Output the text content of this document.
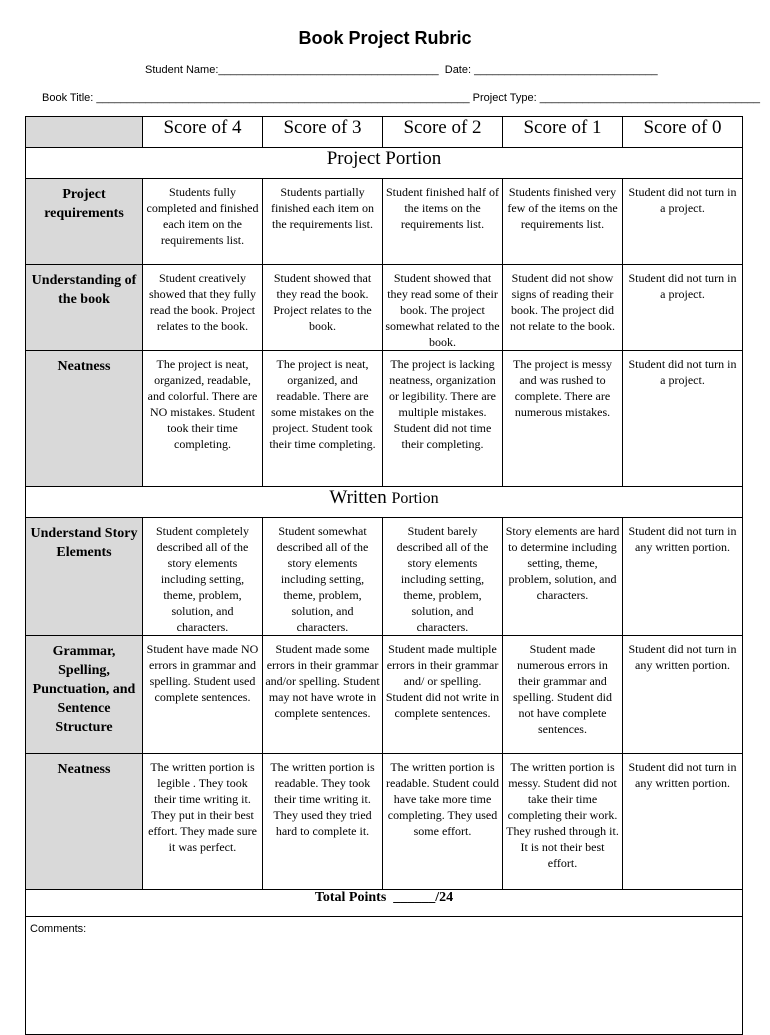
Book Project Rubric
Student Name:____________________________________ Date: ______________________________
Book Title: _____________________________________________________________ Project Type: ____________________________________
	Score of 4	Score of 3	Score of 2	Score of 1	Score of 0
Project Portion					
Project requirements	Students fully completed and finished each item on the requirements list.	Students partially finished each item on the requirements list.	Student finished half of the items on the requirements list.	Students finished very few of the items on the requirements list.	Student did not turn in a project.
Understanding of the book	Student creatively showed that they fully read the book. Project relates to the book.	Student showed that they read the book. Project relates to the book.	Student showed that they read some of their book. The project somewhat related to the book.	Student did not show signs of reading their book. The project did not relate to the book.	Student did not turn in a project.
Neatness	The project is neat, organized, readable, and colorful. There are NO mistakes. Student took their time completing.	The project is neat, organized, and readable. There are some mistakes on the project. Student took their time completing.	The project is lacking neatness, organization or legibility. There are multiple mistakes. Student did not time their completing.	The project is messy and was rushed to complete. There are numerous mistakes.	Student did not turn in a project.
Written Portion					
Understand Story Elements	Student completely described all of the story elements including setting, theme, problem, solution, and characters.	Student somewhat described all of the story elements including setting, theme, problem, solution, and characters.	Student barely described all of the story elements including setting, theme, problem, solution, and characters.	Story elements are hard to determine including setting, theme, problem, solution, and characters.	Student did not turn in any written portion.
Grammar, Spelling, Punctuation, and Sentence Structure	Student have made NO errors in grammar and spelling. Student used complete sentences.	Student made some errors in their grammar and/or spelling. Student may not have wrote in complete sentences.	Student made multiple errors in their grammar and/ or spelling. Student did not write in complete sentences.	Student made numerous errors in their grammar and spelling. Student did not have complete sentences.	Student did not turn in any written portion.
Neatness	The written portion is legible . They took their time writing it. They put in their best effort. They made sure it was perfect.	The written portion is readable. They took their time writing it. They used they tried hard to complete it.	The written portion is readable. Student could have take more time completing. They used some effort.	The written portion is messy. Student did not take their time completing their work. They rushed through it. It is not their best effort.	Student did not turn in any written portion.
Total Points ______/24					
Comments:					
